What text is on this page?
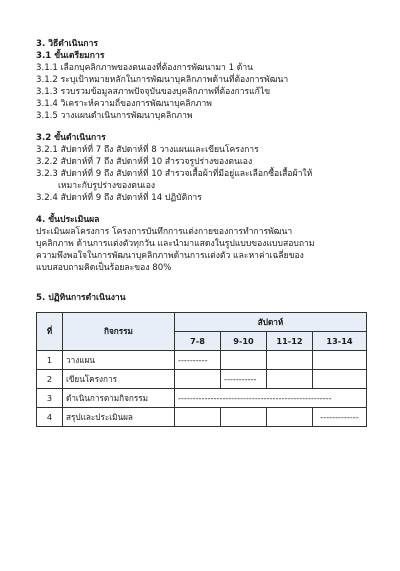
3. วิธีดำเนินการ
3.1 ขั้นเตรียมการ
3.1.1 เลือกบุคลิกภาพของตนเองที่ต้องการพัฒนามา 1 ด้าน
3.1.2 ระบุเป้าหมายหลักในการพัฒนาบุคลิกภาพด้านที่ต้องการพัฒนา
3.1.3 รวบรวมข้อมูลสภาพปัจจุบันของบุคลิกภาพที่ต้องการแก้ไข
3.1.4 วิเคราะห์ความถี่ของการพัฒนาบุคลิกภาพ
3.1.5 วางแผนดำเนินการพัฒนาบุคลิกภาพ
3.2 ขั้นดำเนินการ
3.2.1 สัปดาห์ที่ 7 ถึง สัปดาห์ที่ 8 วางแผนและเขียนโครงการ
3.2.2 สัปดาห์ที่ 7 ถึง สัปดาห์ที่ 10 สำรวจรูปร่างของตนเอง
3.2.3 สัปดาห์ที่ 9 ถึง สัปดาห์ที่ 10 สำรวจเสื้อผ้าที่มีอยู่และเลือกซื้อเสื้อผ้าให้
เหมาะกับรูปร่างของตนเอง
3.2.4 สัปดาห์ที่ 9 ถึง สัปดาห์ที่ 14 ปฏิบัติการ
4. ขั้นประเมินผล
ประเมินผลโครงการ โครงการบันทึกการแต่งกายของการทำการพัฒนา
บุคลิกภาพ ด้านการแต่งตัวทุกวัน และนำมาแสดงในรูปแบบของแบบสอบถาม
ความพึงพอใจในการพัฒนาบุคลิกภาพด้านการแต่งตัว และหาค่าเฉลี่ยของ
แบบสอบถามคิดเป็นร้อยละของ 80%
5. ปฏิทินการดำเนินงาน
ที่	กิจกรรม	สัปดาห์			
		7-8	9-10	11-12	13-14
1	วางแผน	----------			
2	เขียนโครงการ		-----------		
3	ดำเนินการตามกิจกรรม	----------------------------------------------------			
4	สรุปและประเมินผล				-------------
